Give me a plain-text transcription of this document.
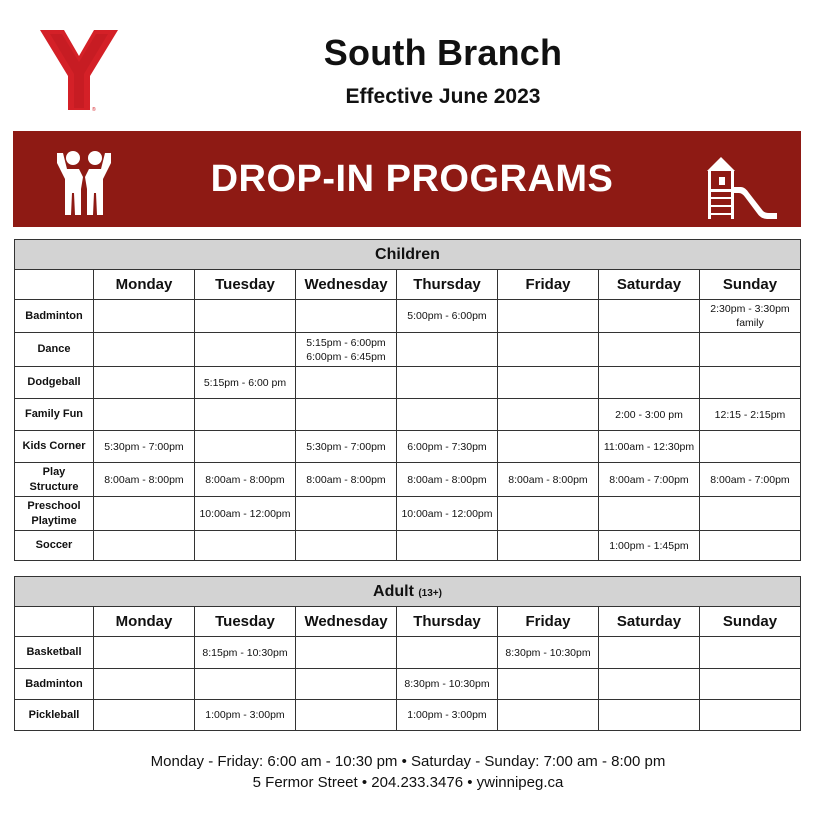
®
South Branch
Effective June 2023
DROP-IN PROGRAMS
Children							
	Monday	Tuesday	Wednesday	Thursday	Friday	Saturday	Sunday

Badminton				5:00pm - 6:00pm			2:30pm - 3:30pm
family

Dance			5:15pm - 6:00pm
6:00pm - 6:45pm				

Dodgeball		5:15pm - 6:00 pm					

Family Fun						2:00 - 3:00 pm	12:15 - 2:15pm

Kids Corner	5:30pm - 7:00pm		5:30pm - 7:00pm	6:00pm - 7:30pm		11:00am - 12:30pm	

Play
Structure	8:00am - 8:00pm	8:00am - 8:00pm	8:00am - 8:00pm	8:00am - 8:00pm	8:00am - 8:00pm	8:00am - 7:00pm	8:00am - 7:00pm

Preschool
Playtime		10:00am - 12:00pm		10:00am - 12:00pm			

Soccer						1:00pm - 1:45pm	

Adult (13+)							
	Monday	Tuesday	Wednesday	Thursday	Friday	Saturday	Sunday

Basketball		8:15pm - 10:30pm			8:30pm - 10:30pm		

Badminton				8:30pm - 10:30pm			

Pickleball		1:00pm - 3:00pm		1:00pm - 3:00pm			

Monday - Friday: 6:00 am - 10:30 pm • Saturday - Sunday: 7:00 am - 8:00 pm
5 Fermor Street • 204.233.3476 • ywinnipeg.ca
